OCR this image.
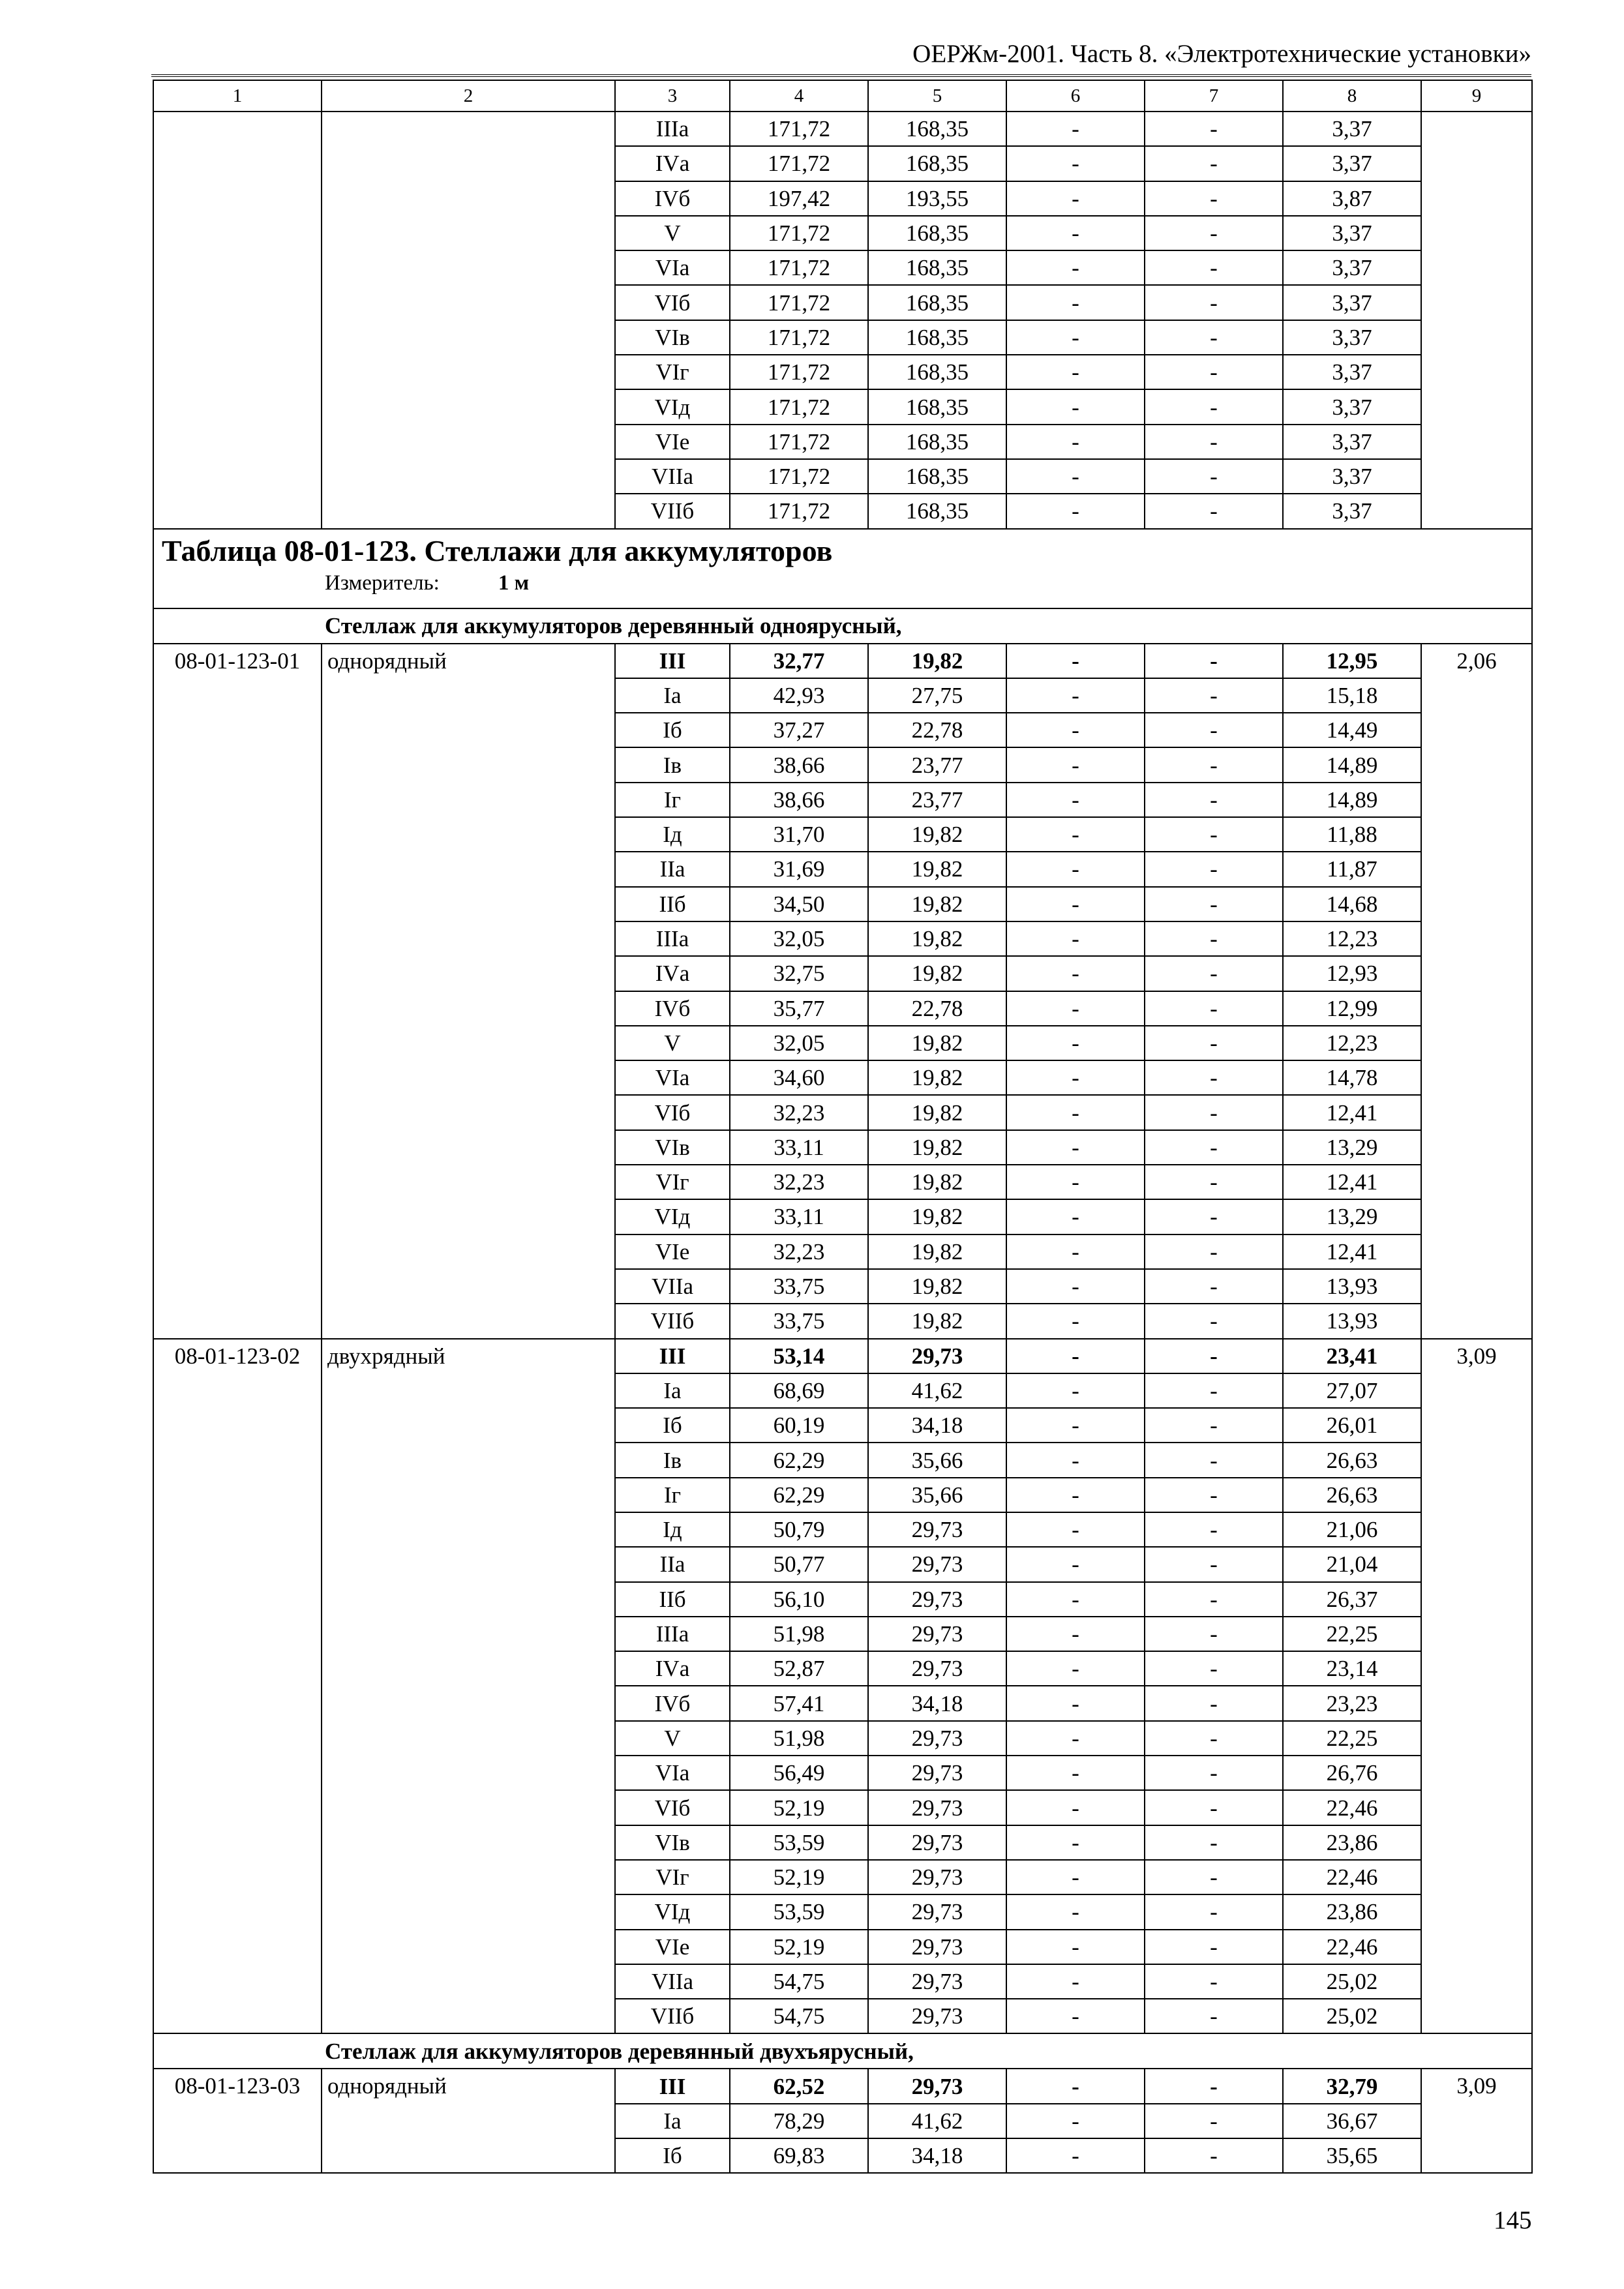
ОЕРЖм-2001. Часть 8. «Электротехнические установки»
1	2	3	4	5	6	7	8	9
		IIIа	171,72	168,35	-	-	3,37	
		IVа	171,72	168,35	-	-	3,37	
		IVб	197,42	193,55	-	-	3,87	
		V	171,72	168,35	-	-	3,37	
		VIа	171,72	168,35	-	-	3,37	
		VIб	171,72	168,35	-	-	3,37	
		VIв	171,72	168,35	-	-	3,37	
		VIг	171,72	168,35	-	-	3,37	
		VIд	171,72	168,35	-	-	3,37	
		VIе	171,72	168,35	-	-	3,37	
		VIIа	171,72	168,35	-	-	3,37	
		VIIб	171,72	168,35	-	-	3,37	

Таблица 08-01-123. Стеллажи для аккумуляторов
Измеритель: 1 м								

Стеллаж для аккумуляторов деревянный одноярусный,								
08-01-123-01	однорядный	III	32,77	19,82	-	-	12,95	2,06
		Iа	42,93	27,75	-	-	15,18	
		Iб	37,27	22,78	-	-	14,49	
		Iв	38,66	23,77	-	-	14,89	
		Iг	38,66	23,77	-	-	14,89	
		Iд	31,70	19,82	-	-	11,88	
		IIа	31,69	19,82	-	-	11,87	
		IIб	34,50	19,82	-	-	14,68	
		IIIа	32,05	19,82	-	-	12,23	
		IVа	32,75	19,82	-	-	12,93	
		IVб	35,77	22,78	-	-	12,99	
		V	32,05	19,82	-	-	12,23	
		VIа	34,60	19,82	-	-	14,78	
		VIб	32,23	19,82	-	-	12,41	
		VIв	33,11	19,82	-	-	13,29	
		VIг	32,23	19,82	-	-	12,41	
		VIд	33,11	19,82	-	-	13,29	
		VIе	32,23	19,82	-	-	12,41	
		VIIа	33,75	19,82	-	-	13,93	
		VIIб	33,75	19,82	-	-	13,93	
08-01-123-02	двухрядный	III	53,14	29,73	-	-	23,41	3,09
		Iа	68,69	41,62	-	-	27,07	
		Iб	60,19	34,18	-	-	26,01	
		Iв	62,29	35,66	-	-	26,63	
		Iг	62,29	35,66	-	-	26,63	
		Iд	50,79	29,73	-	-	21,06	
		IIа	50,77	29,73	-	-	21,04	
		IIб	56,10	29,73	-	-	26,37	
		IIIа	51,98	29,73	-	-	22,25	
		IVа	52,87	29,73	-	-	23,14	
		IVб	57,41	34,18	-	-	23,23	
		V	51,98	29,73	-	-	22,25	
		VIа	56,49	29,73	-	-	26,76	
		VIб	52,19	29,73	-	-	22,46	
		VIв	53,59	29,73	-	-	23,86	
		VIг	52,19	29,73	-	-	22,46	
		VIд	53,59	29,73	-	-	23,86	
		VIе	52,19	29,73	-	-	22,46	
		VIIа	54,75	29,73	-	-	25,02	
		VIIб	54,75	29,73	-	-	25,02	
Стеллаж для аккумуляторов деревянный двухъярусный,								
08-01-123-03	однорядный	III	62,52	29,73	-	-	32,79	3,09
		Iа	78,29	41,62	-	-	36,67	
		Iб	69,83	34,18	-	-	35,65	
145
